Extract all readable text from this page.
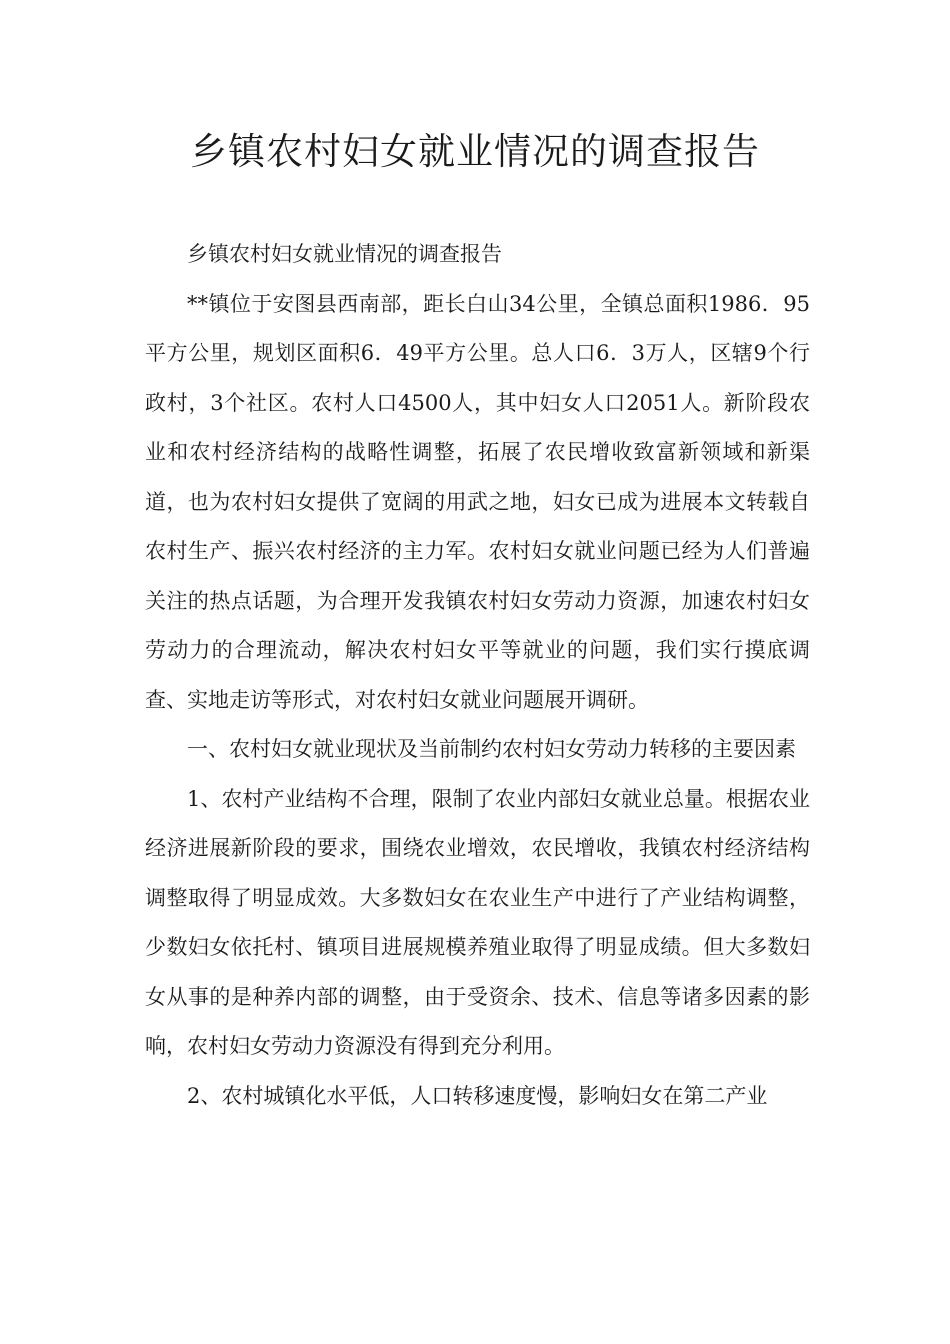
乡镇农村妇女就业情况的调查报告

乡镇农村妇女就业情况的调查报告

**镇位于安图县西南部，距长白山34公里，全镇总面积1986．95平方公里，规划区面积6．49平方公里。总人口6．3万人，区辖9个行政村，3个社区。农村人口4500人，其中妇女人口2051人。新阶段农业和农村经济结构的战略性调整，拓展了农民增收致富新领域和新渠道，也为农村妇女提供了宽阔的用武之地，妇女已成为进展本文转载自农村生产、振兴农村经济的主力军。农村妇女就业问题已经为人们普遍关注的热点话题，为合理开发我镇农村妇女劳动力资源，加速农村妇女劳动力的合理流动，解决农村妇女平等就业的问题，我们实行摸底调查、实地走访等形式，对农村妇女就业问题展开调研。

一、农村妇女就业现状及当前制约农村妇女劳动力转移的主要因素

1、农村产业结构不合理，限制了农业内部妇女就业总量。根据农业经济进展新阶段的要求，围绕农业增效，农民增收，我镇农村经济结构调整取得了明显成效。大多数妇女在农业生产中进行了产业结构调整，少数妇女依托村、镇项目进展规模养殖业取得了明显成绩。但大多数妇女从事的是种养内部的调整，由于受资余、技术、信息等诸多因素的影响，农村妇女劳动力资源没有得到充分利用。

2、农村城镇化水平低，人口转移速度慢，影响妇女在第二产业
